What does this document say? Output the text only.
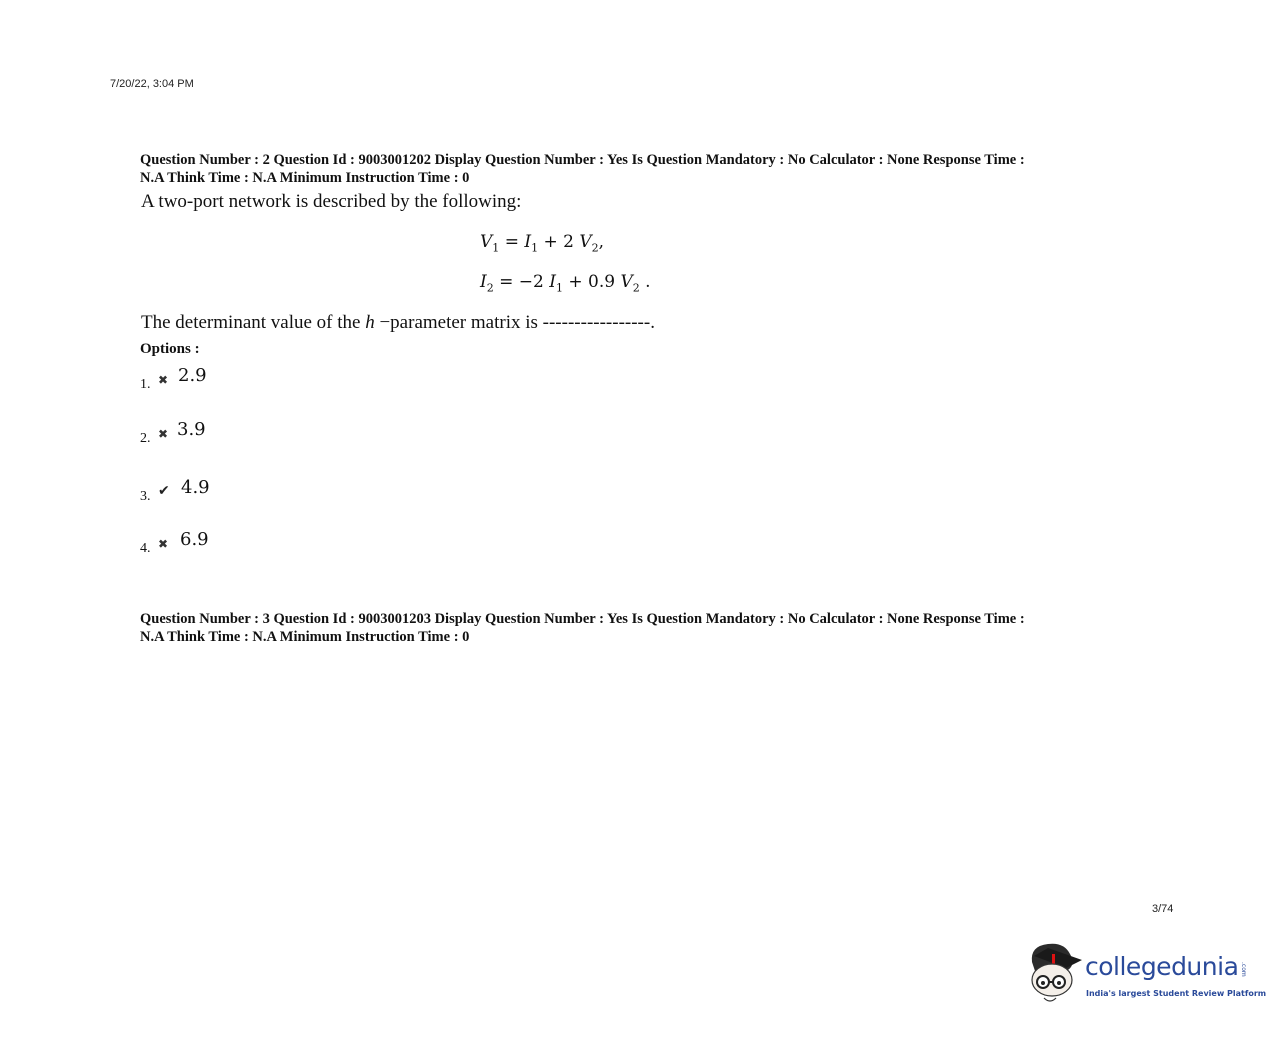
7/20/22, 3:04 PM
Question Number : 2 Question Id : 9003001202 Display Question Number : Yes Is Question Mandatory : No Calculator : None Response Time :
N.A Think Time : N.A Minimum Instruction Time : 0
A two-port network is described by the following:
$V_1 = I_1 + 2$ $V_2$,
$I_2 = -2$ $I_1 + 0.9$ $V_2$ .
The determinant value of the h −parameter matrix is -----------------.
Options :
1. ✖ 2.9
2. ✖ 3.9
3. ✔ 4.9
4. ✖ 6.9
Question Number : 3 Question Id : 9003001203 Display Question Number : Yes Is Question Mandatory : No Calculator : None Response Time :
N.A Think Time : N.A Minimum Instruction Time : 0
3/74
collegedunia .com
India's largest Student Review Platform
